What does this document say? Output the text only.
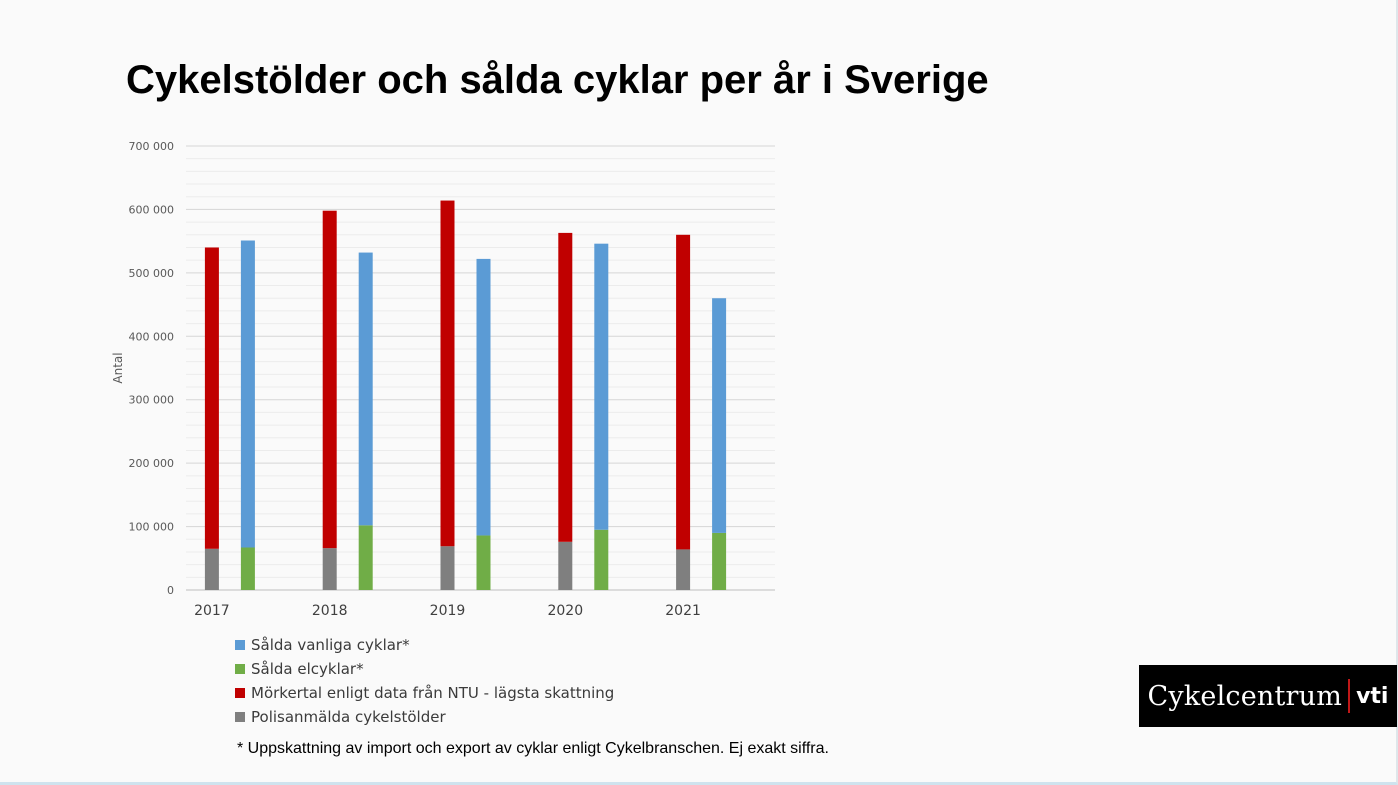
Cykelstölder och sålda cyklar per år i Sverige
0
100 000
200 000
300 000
400 000
500 000
600 000
700 000
Antal
2017	2018	2019	2020	2021
Sålda vanliga cyklar*
Sålda elcyklar*
Mörkertal enligt data från NTU - lägsta skattning
Polisanmälda cykelstölder
* Uppskattning av import och export av cyklar enligt Cykelbranschen. Ej exakt siffra.
Cykelcentrum vti
